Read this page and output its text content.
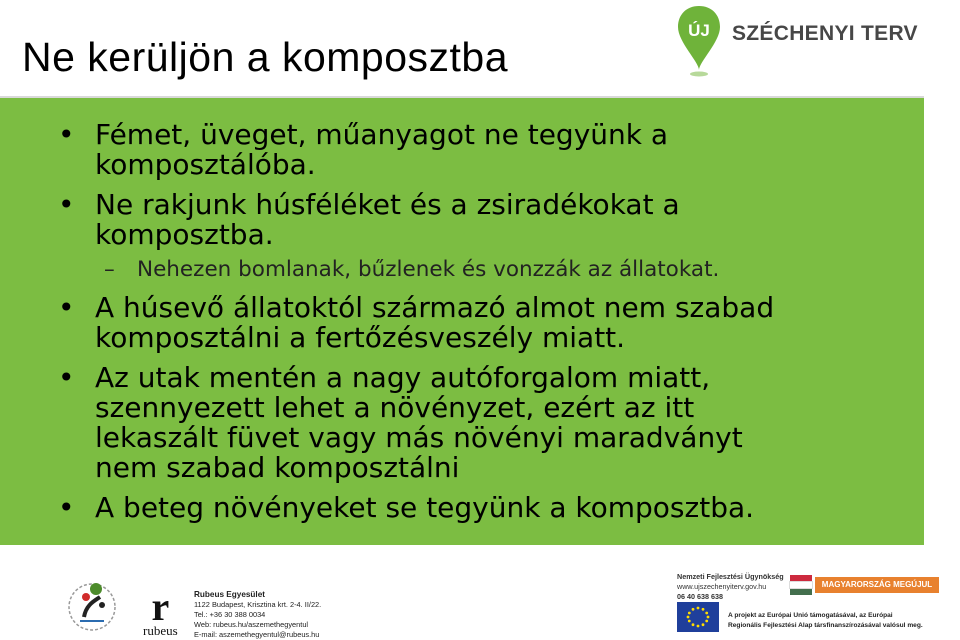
Ne kerüljön a komposztba
ÚJ SZÉCHENYI TERV
• Fémet, üveget, műanyagot ne tegyünk a
komposztálóba.
• Ne rakjunk húsféléket és a zsiradékokat a
komposztba.
– Nehezen bomlanak, bűzlenek és vonzzák az állatokat.
• A húsevő állatoktól származó almot nem szabad
komposztálni a fertőzésveszély miatt.
• Az utak mentén a nagy autóforgalom miatt,
szennyezett lehet a növényzet, ezért az itt
lekaszált füvet vagy más növényi maradványt
nem szabad komposztálni
• A beteg növényeket se tegyünk a komposztba.
r
rubeus
Rubeus Egyesület
1122 Budapest, Krisztina krt. 2-4. II/22.
Tel.: +36 30 388 0034
Web: rubeus.hu/aszemethegyentul
E-mail: aszemethegyentul@rubeus.hu
Nemzeti Fejlesztési Ügynökség
www.ujszechenyiterv.gov.hu
06 40 638 638
MAGYARORSZÁG MEGÚJUL
A projekt az Európai Unió támogatásával, az Európai
Regionális Fejlesztési Alap társfinanszírozásával valósul meg.
